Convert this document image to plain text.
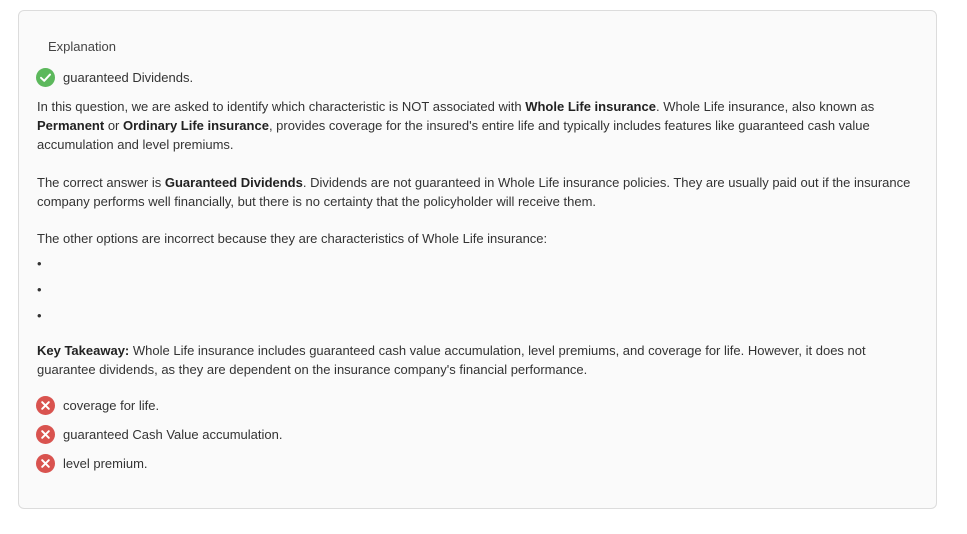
Explanation
guaranteed Dividends.

In this question, we are asked to identify which characteristic is NOT associated with Whole Life insurance. Whole Life insurance, also known as Permanent or Ordinary Life insurance, provides coverage for the insured's entire life and typically includes features like guaranteed cash value accumulation and level premiums.

The correct answer is Guaranteed Dividends. Dividends are not guaranteed in Whole Life insurance policies. They are usually paid out if the insurance company performs well financially, but there is no certainty that the policyholder will receive them.

The other options are incorrect because they are characteristics of Whole Life insurance:

•
•
•

Key Takeaway: Whole Life insurance includes guaranteed cash value accumulation, level premiums, and coverage for life. However, it does not guarantee dividends, as they are dependent on the insurance company's financial performance.

coverage for life.
guaranteed Cash Value accumulation.
level premium.
